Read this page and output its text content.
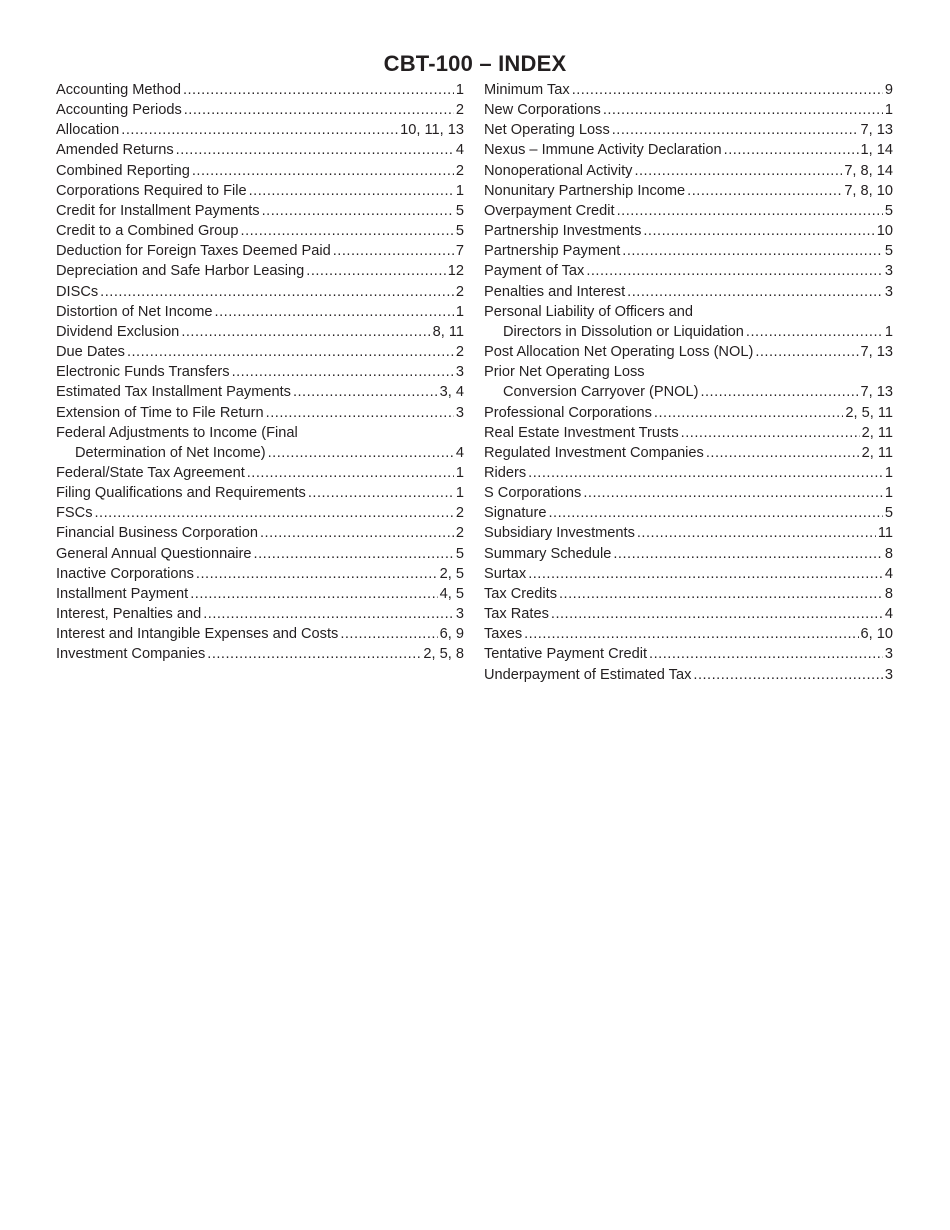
CBT-100 – INDEX
Accounting Method .....	1
Accounting Periods .....	2
Allocation .....	10, 11, 13
Amended Returns .....	4
Combined Reporting .....	2
Corporations Required to File .....	1
Credit for Installment Payments .....	5
Credit to a Combined Group .....	5
Deduction for Foreign Taxes Deemed Paid .....	7
Depreciation and Safe Harbor Leasing .....	12
DISCs .....	2
Distortion of Net Income .....	1
Dividend Exclusion .....	8, 11
Due Dates .....	2
Electronic Funds Transfers .....	3
Estimated Tax Installment Payments .....	3, 4
Extension of Time to File Return .....	3
Federal Adjustments to Income (Final
Determination of Net Income) .....	4
Federal/State Tax Agreement .....	1
Filing Qualifications and Requirements .....	1
FSCs .....	2
Financial Business Corporation .....	2
General Annual Questionnaire .....	5
Inactive Corporations .....	2, 5
Installment Payment .....	4, 5
Interest, Penalties and .....	3
Interest and Intangible Expenses and Costs .....	6, 9
Investment Companies .....	2, 5, 8
Minimum Tax .....	9
New Corporations .....	1
Net Operating Loss .....	7, 13
Nexus – Immune Activity Declaration .....	1, 14
Nonoperational Activity .....	7, 8, 14
Nonunitary Partnership Income .....	7, 8, 10
Overpayment Credit .....	5
Partnership Investments .....	10
Partnership Payment .....	5
Payment of Tax .....	3
Penalties and Interest .....	3
Personal Liability of Officers and
Directors in Dissolution or Liquidation .....	1
Post Allocation Net Operating Loss (NOL) .....	7, 13
Prior Net Operating Loss
Conversion Carryover (PNOL) .....	7, 13
Professional Corporations .....	2, 5, 11
Real Estate Investment Trusts .....	2, 11
Regulated Investment Companies .....	2, 11
Riders .....	1
S Corporations .....	1
Signature .....	5
Subsidiary Investments .....	11
Summary Schedule .....	8
Surtax .....	4
Tax Credits .....	8
Tax Rates .....	4
Taxes .....	6, 10
Tentative Payment Credit .....	3
Underpayment of Estimated Tax .....	3
